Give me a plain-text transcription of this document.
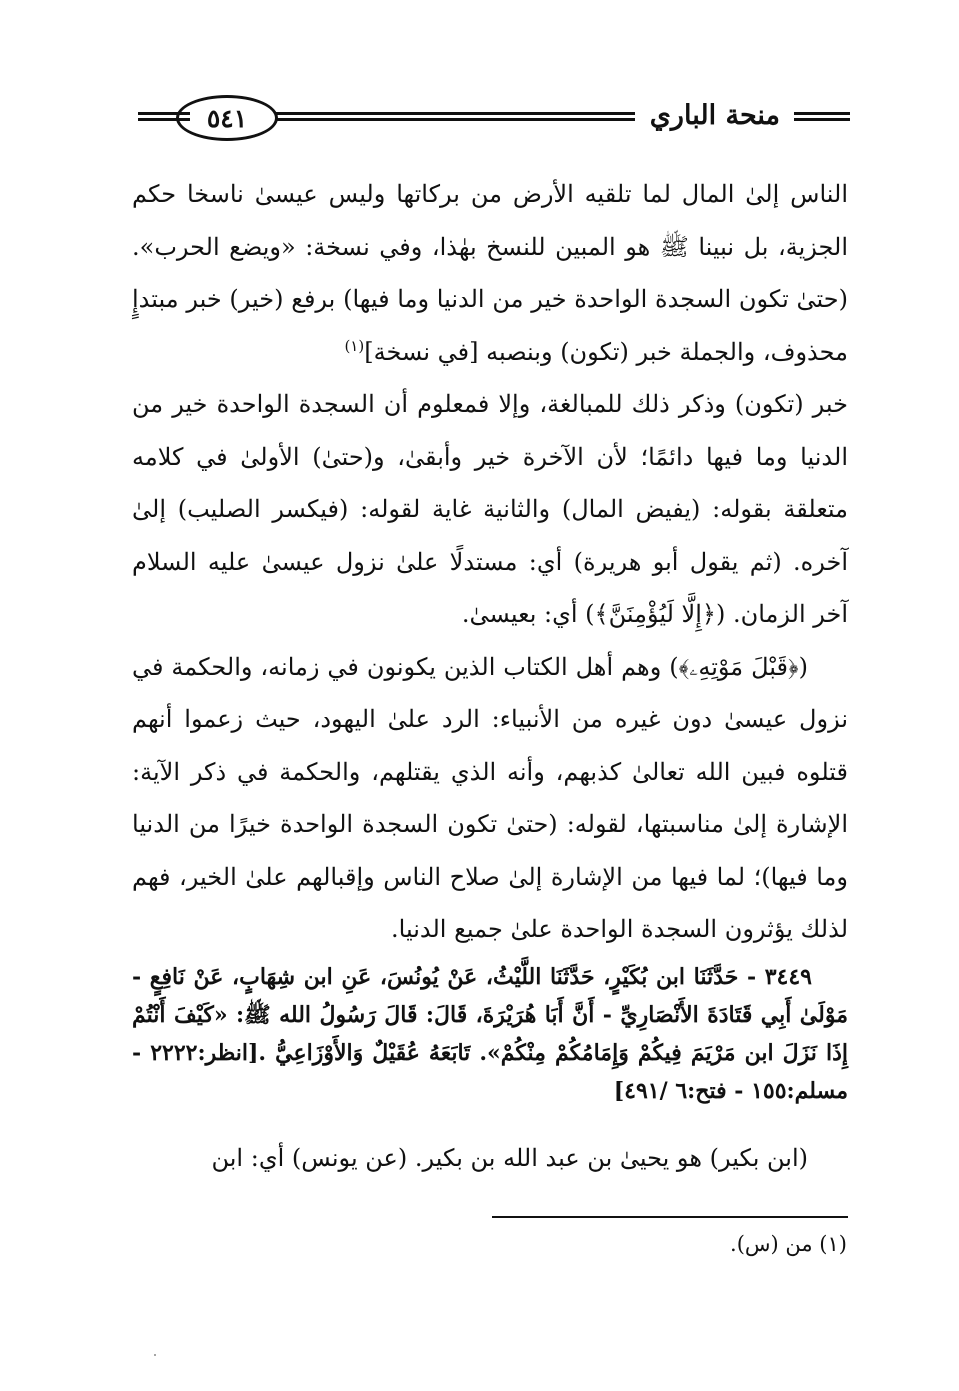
منحة الباري
٥٤١

الناس إلىٰ المال لما تلقيه الأرض من بركاتها وليس عيسىٰ ناسخا حكم الجزية، بل نبينا ﷺ هو المبين للنسخ بهٰذا، وفي نسخة: «ويضع الحرب». (حتىٰ تكون السجدة الواحدة خير من الدنيا وما فيها) برفع (خير) خبر مبتدإٍ محذوف، والجملة خبر (تكون) وبنصبه [في نسخة]$^{(١)}$

خبر (تكون) وذكر ذلك للمبالغة، وإلا فمعلوم أن السجدة الواحدة خير من الدنيا وما فيها دائمًا؛ لأن الآخرة خير وأبقىٰ، و(حتىٰ) الأولىٰ في كلامه متعلقة بقوله: (يفيض المال) والثانية غاية لقوله: (فيكسر الصليب) إلىٰ آخره. (ثم يقول أبو هريرة) أي: مستدلًا علىٰ نزول عيسىٰ عليه السلام آخر الزمان. (﴿إِلَّا لَيُؤْمِنَنَّ﴾) أي: بعيسىٰ.

(﴿قَبْلَ مَوْتِهِۦ﴾) وهم أهل الكتاب الذين يكونون في زمانه، والحكمة في نزول عيسىٰ دون غيره من الأنبياء: الرد علىٰ اليهود، حيث زعموا أنهم قتلوه فبين الله تعالىٰ كذبهم، وأنه الذي يقتلهم، والحكمة في ذكر الآية: الإشارة إلىٰ مناسبتها، لقوله: (حتىٰ تكون السجدة الواحدة خيرًا من الدنيا وما فيها)؛ لما فيها من الإشارة إلىٰ صلاح الناس وإقبالهم علىٰ الخير، فهم لذلك يؤثرون السجدة الواحدة علىٰ جميع الدنيا.

٣٤٤٩ - حَدَّثَنَا ابن بُكَيْرٍ، حَدَّثَنَا اللَّيْثُ، عَنْ يُونُسَ، عَنِ ابن شِهَابٍ، عَنْ نَافِعٍ - مَوْلَىٰ أَبِي قَتَادَةَ الأَنْصَارِيِّ - أَنَّ أَبَا هُرَيْرَةَ، قَالَ: قَالَ رَسُولُ الله ﷺ: «كَيْفَ أَنْتُمْ إِذَا نَزَلَ ابن مَرْيَمَ فِيكُمْ وَإِمَامُكُمْ مِنْكُمْ». تَابَعَهُ عُقَيْلٌ وَالأَوْزَاعِيُّ .[انظر:٢٢٢٢ - مسلم:١٥٥ - فتح:٦ /٤٩١]

(ابن بكير) هو يحيىٰ بن عبد الله بن بكير. (عن يونس) أي: ابن

(١) من (س).
